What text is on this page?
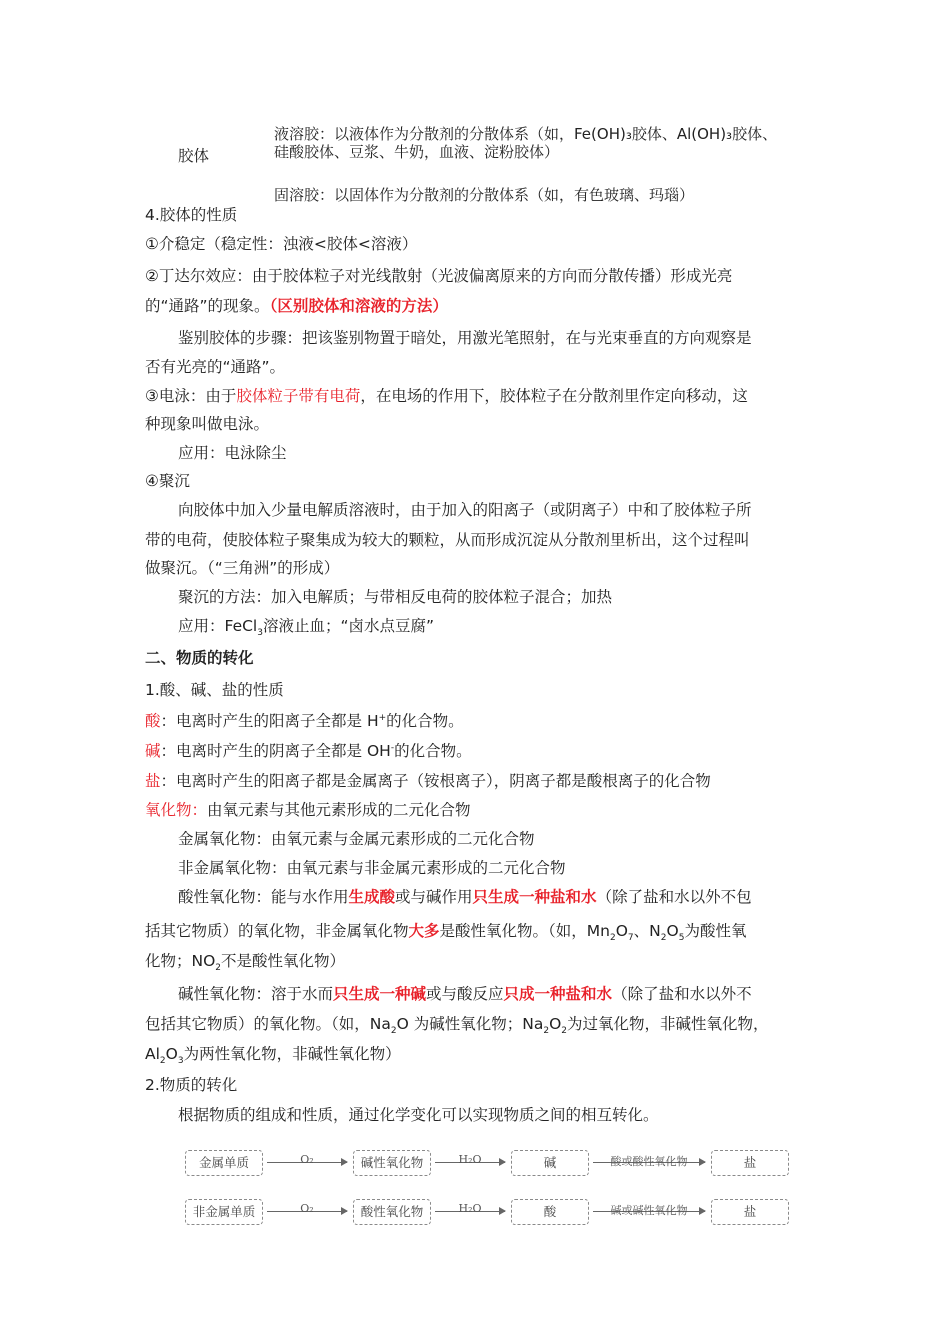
胶体
液溶胶：以液体作为分散剂的分散体系（如，Fe(OH)₃胶体、Al(OH)₃胶体、
硅酸胶体、豆浆、牛奶，血液、淀粉胶体）
固溶胶：以固体作为分散剂的分散体系（如，有色玻璃、玛瑙）
4.胶体的性质
①介稳定（稳定性：浊液<胶体<溶液）
②丁达尔效应：由于胶体粒子对光线散射（光波偏离原来的方向而分散传播）形成光亮
的“通路”的现象。（区别胶体和溶液的方法）
鉴别胶体的步骤：把该鉴别物置于暗处，用激光笔照射，在与光束垂直的方向观察是
否有光亮的“通路”。
③电泳：由于胶体粒子带有电荷，在电场的作用下，胶体粒子在分散剂里作定向移动，这
种现象叫做电泳。
应用：电泳除尘
④聚沉
向胶体中加入少量电解质溶液时，由于加入的阳离子（或阴离子）中和了胶体粒子所
带的电荷，使胶体粒子聚集成为较大的颗粒，从而形成沉淀从分散剂里析出，这个过程叫
做聚沉。（“三角洲”的形成）
聚沉的方法：加入电解质；与带相反电荷的胶体粒子混合；加热
应用：FeCl$_3$溶液止血；“卤水点豆腐”
二、物质的转化
1.酸、碱、盐的性质
酸：电离时产生的阳离子全都是 H+的化合物。
碱：电离时产生的阴离子全都是 OH-的化合物。
盐：电离时产生的阳离子都是金属离子（铵根离子），阴离子都是酸根离子的化合物
氧化物：由氧元素与其他元素形成的二元化合物
金属氧化物：由氧元素与金属元素形成的二元化合物
非金属氧化物：由氧元素与非金属元素形成的二元化合物
酸性氧化物：能与水作用生成酸或与碱作用只生成一种盐和水（除了盐和水以外不包
括其它物质）的氧化物，非金属氧化物大多是酸性氧化物。（如，$Mn_2O_7$、$N_2O_5$为酸性氧
化物；$NO_2$不是酸性氧化物）
碱性氧化物：溶于水而只生成一种碱或与酸反应只成一种盐和水（除了盐和水以外不
包括其它物质）的氧化物。（如，$Na_2O$ 为碱性氧化物；$Na_2O_2$为过氧化物，非碱性氧化物，
$Al_2O_3$为两性氧化物，非碱性氧化物）
2.物质的转化
根据物质的组成和性质，通过化学变化可以实现物质之间的相互转化。
金属单质	O₂	碱性氧化物	H₂O	碱	酸或酸性氧化物	盐
非金属单质	O₂	酸性氧化物	H₂O	酸	碱或碱性氧化物	盐
